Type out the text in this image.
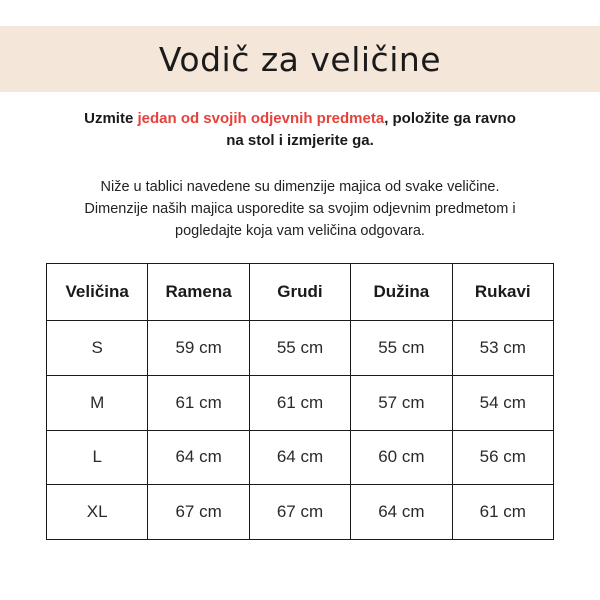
Vodič za veličine
Uzmite jedan od svojih odjevnih predmeta, položite ga ravno
na stol i izmjerite ga.
Niže u tablici navedene su dimenzije majica od svake veličine.
Dimenzije naših majica usporedite sa svojim odjevnim predmetom i
pogledajte koja vam veličina odgovara.
Veličina	Ramena	Grudi	Dužina	Rukavi
S	59 cm	55 cm	55 cm	53 cm
M	61 cm	61 cm	57 cm	54 cm
L	64 cm	64 cm	60 cm	56 cm
XL	67 cm	67 cm	64 cm	61 cm
